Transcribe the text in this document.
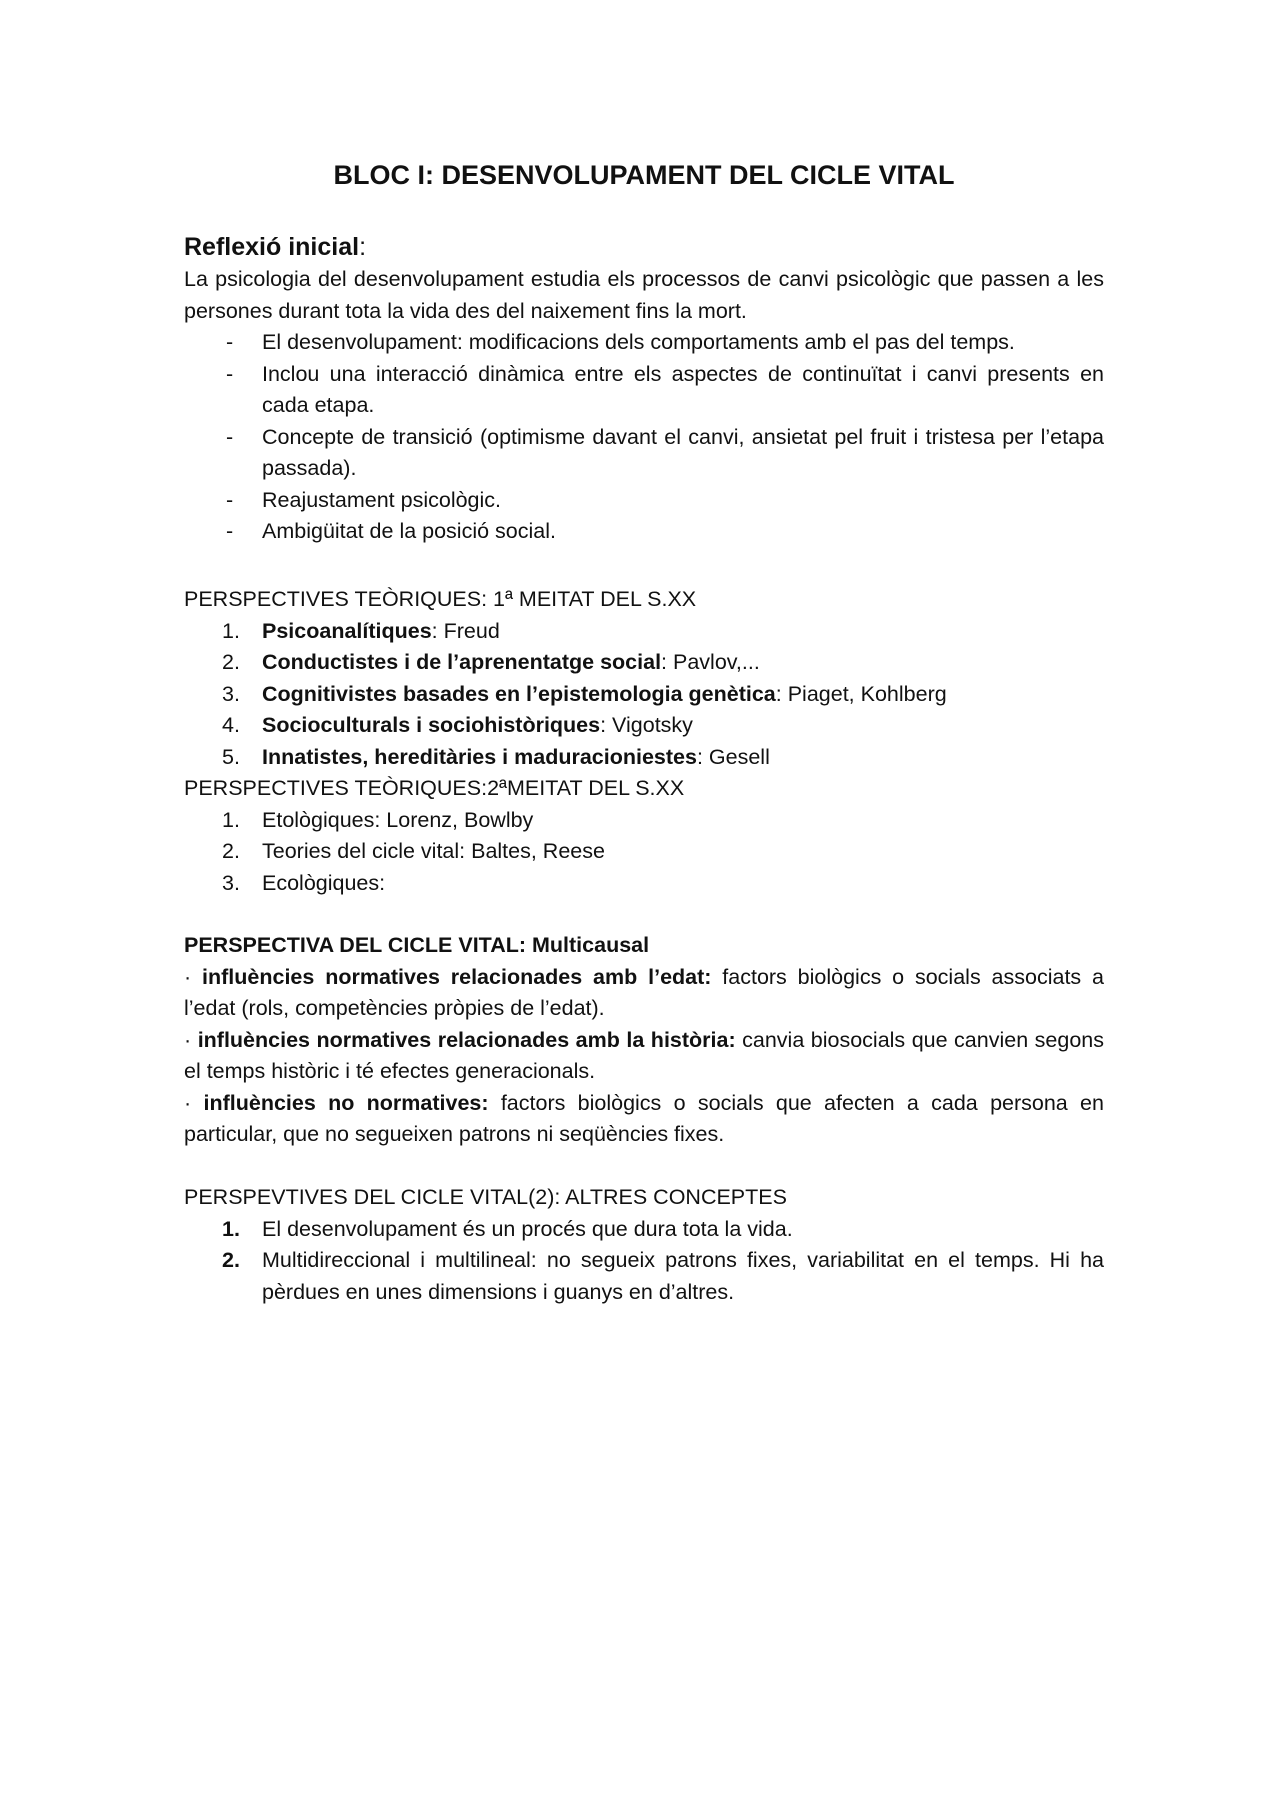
BLOC I: DESENVOLUPAMENT DEL CICLE VITAL
Reflexió inicial:

La psicologia del desenvolupament estudia els processos de canvi psicològic que passen a les persones durant tota la vida des del naixement fins la mort.

- El desenvolupament: modificacions dels comportaments amb el pas del temps.
- Inclou una interacció dinàmica entre els aspectes de continuïtat i canvi presents en cada etapa.
- Concepte de transició (optimisme davant el canvi, ansietat pel fruit i tristesa per l’etapa passada).
- Reajustament psicològic.
- Ambigüitat de la posició social.

PERSPECTIVES TEÒRIQUES: 1ª MEITAT DEL S.XX

1. Psicoanalítiques: Freud
2. Conductistes i de l’aprenentatge social: Pavlov,...
3. Cognitivistes basades en l’epistemologia genètica: Piaget, Kohlberg
4. Socioculturals i sociohistòriques: Vigotsky
5. Innatistes, hereditàries i maduracioniestes: Gesell

PERSPECTIVES TEÒRIQUES:2ªMEITAT DEL S.XX

1. Etològiques: Lorenz, Bowlby
2. Teories del cicle vital: Baltes, Reese
3. Ecològiques:

PERSPECTIVA DEL CICLE VITAL: Multicausal

· influències normatives relacionades amb l’edat: factors biològics o socials associats a l’edat (rols, competències pròpies de l’edat).

· influències normatives relacionades amb la història: canvia biosocials que canvien segons el temps històric i té efectes generacionals.

· influències no normatives: factors biològics o socials que afecten a cada persona en particular, que no segueixen patrons ni seqüències fixes.

PERSPEVTIVES DEL CICLE VITAL(2): ALTRES CONCEPTES

1. El desenvolupament és un procés que dura tota la vida.
2. Multidireccional i multilineal: no segueix patrons fixes, variabilitat en el temps. Hi ha pèrdues en unes dimensions i guanys en d’altres.
